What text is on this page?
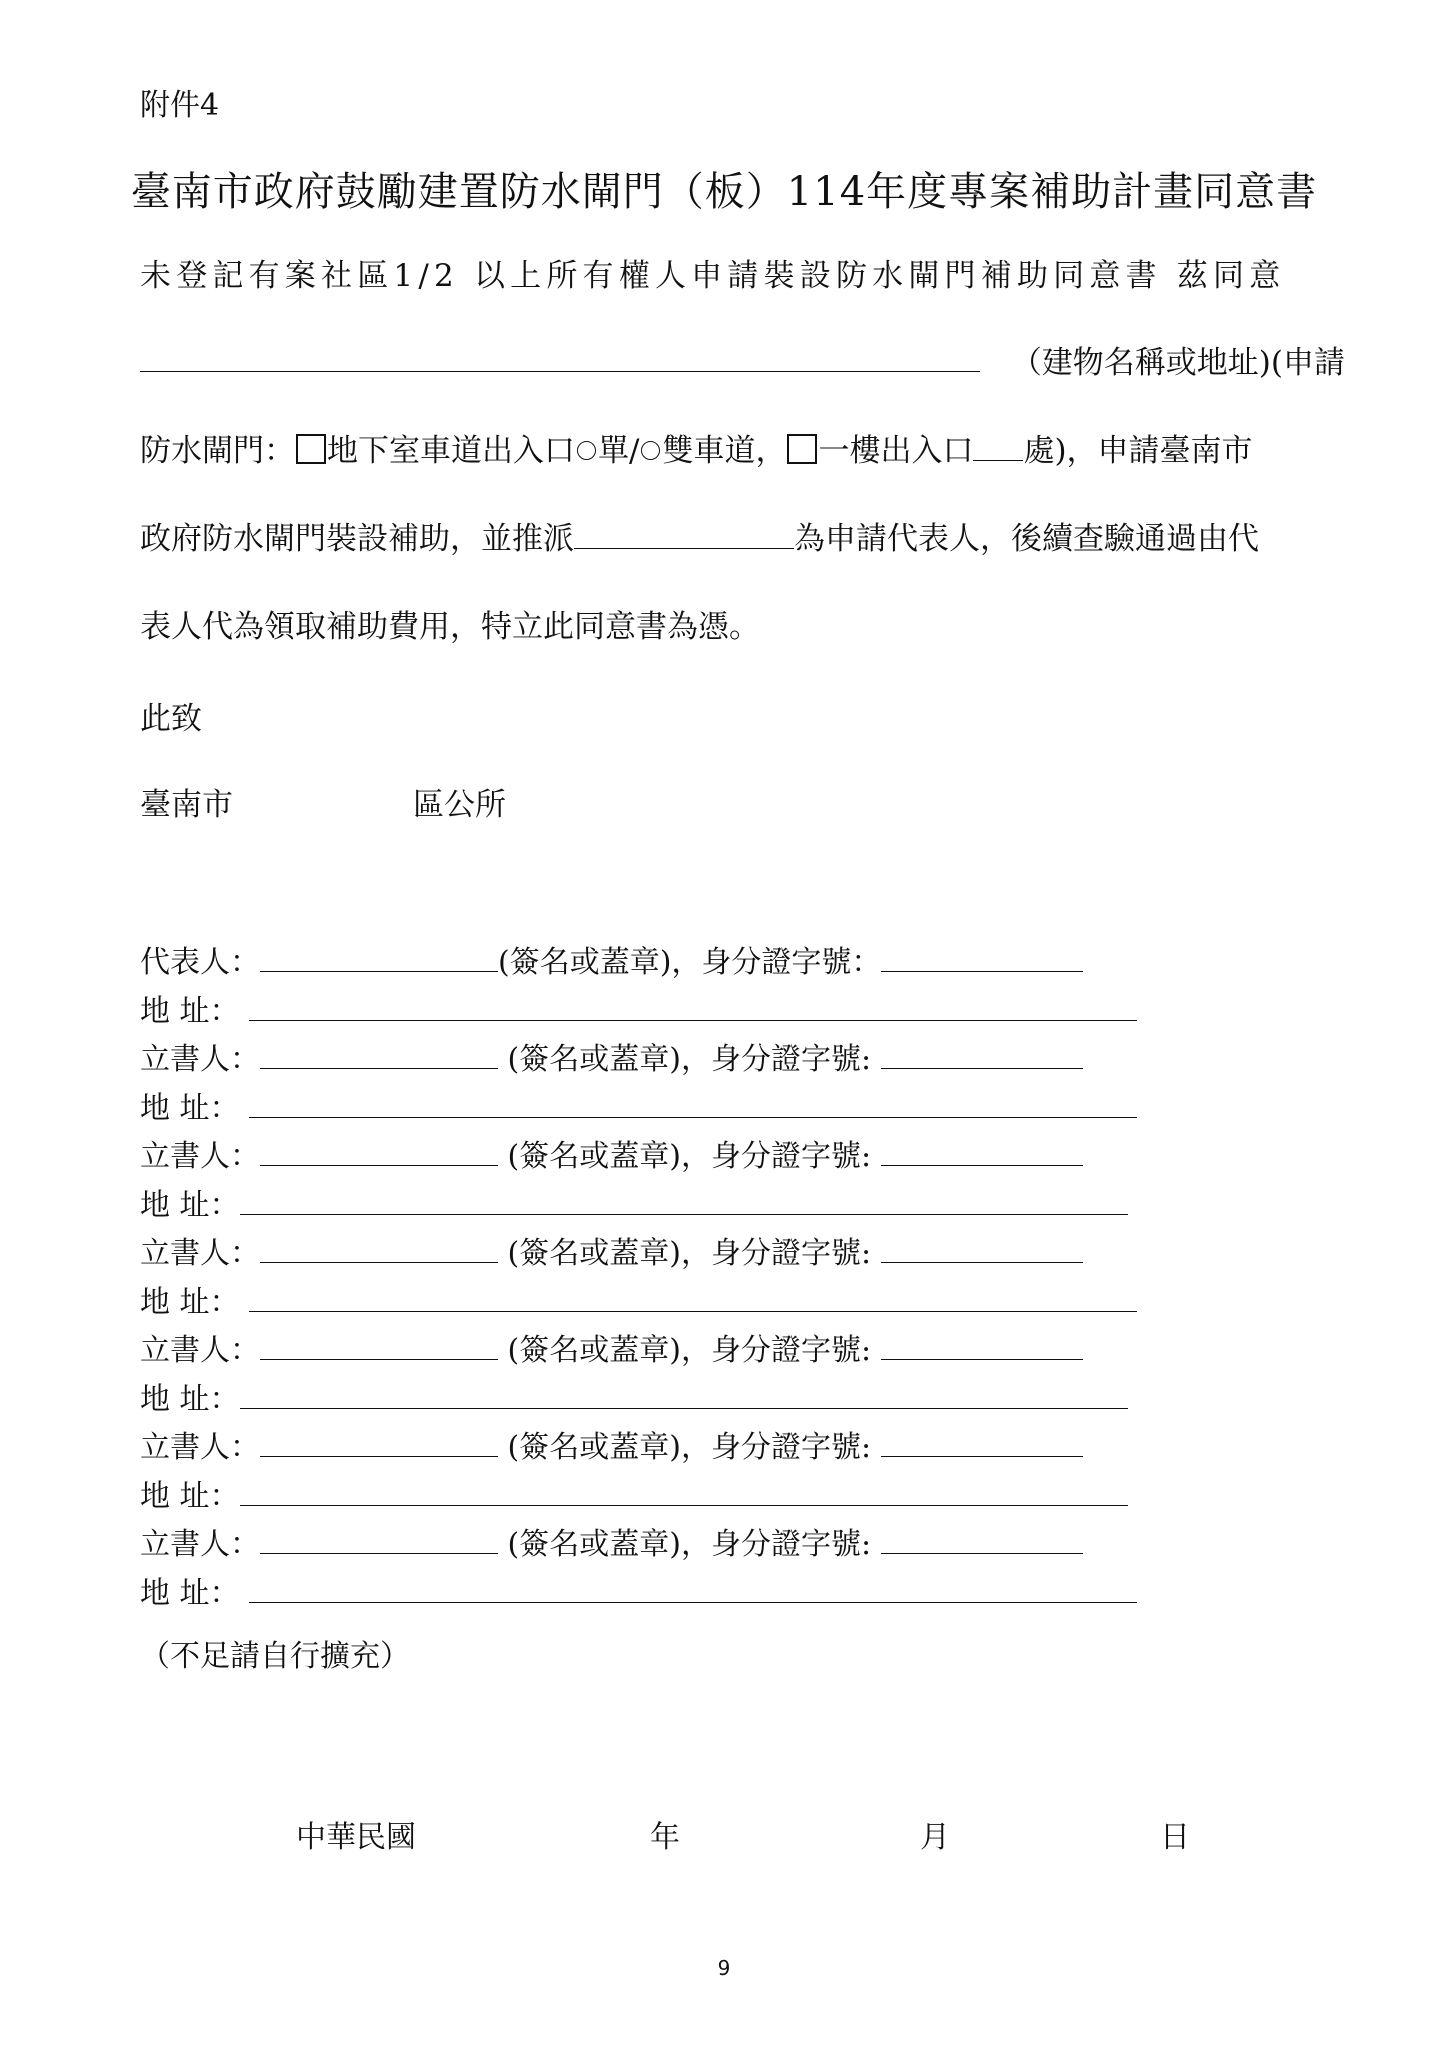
附件4
臺南市政府鼓勵建置防水閘門（板）114年度專案補助計畫同意書
未登記有案社區1/2 以上所有權人申請裝設防水閘門補助同意書 茲同意
（建物名稱或地址)(申請
防水閘門： 地下室車道出入口 單/ 雙車道， 一樓出入口 處)，申請臺南市
政府防水閘門裝設補助，並推派	為申請代表人，後續查驗通過由代
表人代為領取補助費用，特立此同意書為憑。
此致
臺南市	區公所
代表人：	(簽名或蓋章)，身分證字號：
地 址：
立書人：	(簽名或蓋章)，身分證字號:
地 址：
立書人：	(簽名或蓋章)，身分證字號:
地 址：
立書人：	(簽名或蓋章)，身分證字號:
地 址：
立書人：	(簽名或蓋章)，身分證字號:
地 址：
立書人：	(簽名或蓋章)，身分證字號:
地 址：
立書人：	(簽名或蓋章)，身分證字號:
地 址：
（不足請自行擴充）
中華民國	年	月	日
9
